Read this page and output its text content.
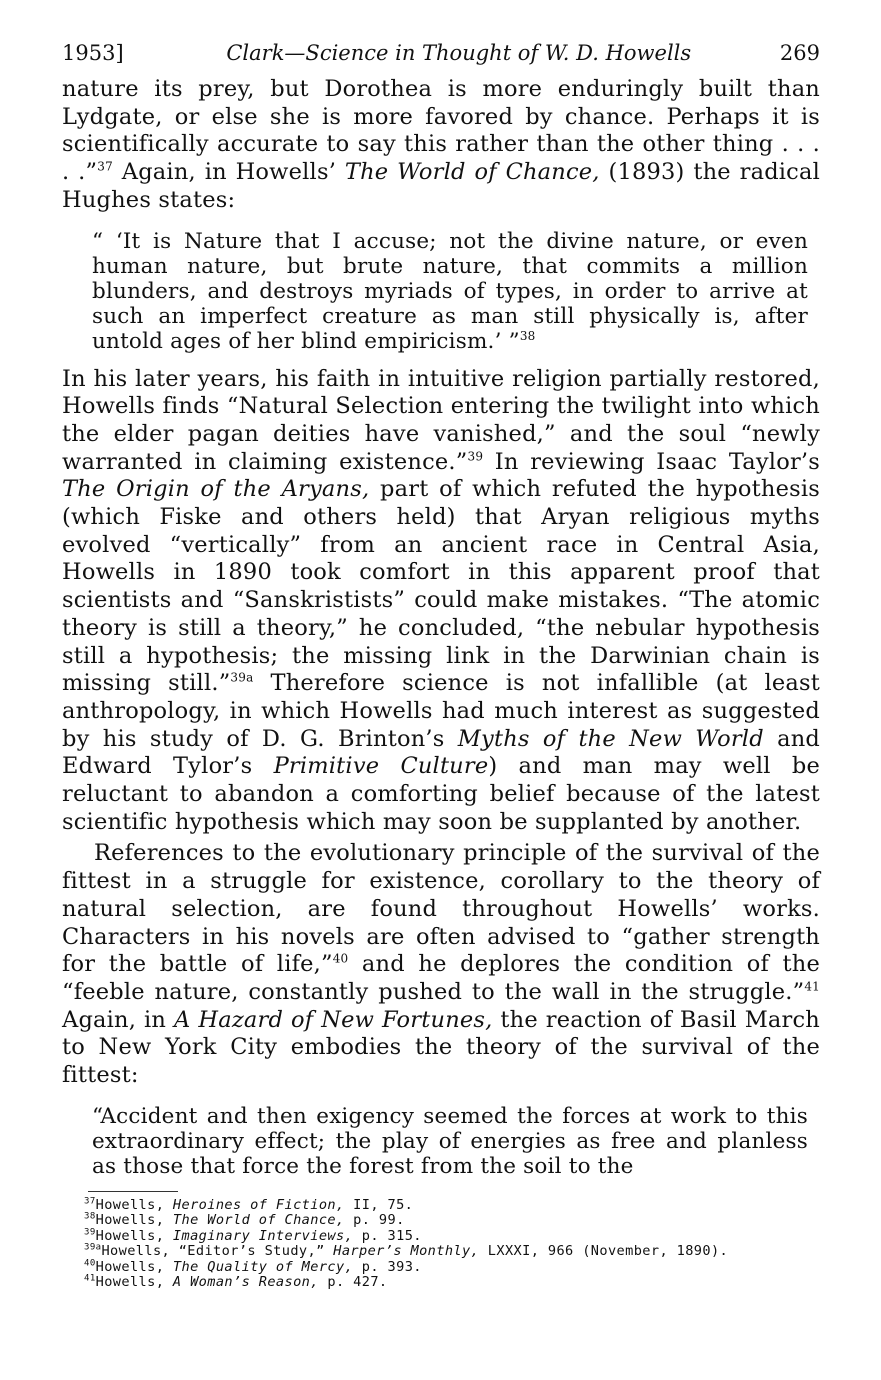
1953]	Clark—Science in Thought of W. D. Howells	269

nature its prey, but Dorothea is more enduringly built than Lydgate, or else she is more favored by chance. Perhaps it is scientifically accurate to say this rather than the other thing . . . . .”$^{37}$ Again, in Howells’ The World of Chance, (1893) the radical Hughes states:

“ ‘It is Nature that I accuse; not the divine nature, or even human nature, but brute nature, that commits a million blunders, and destroys myriads of types, in order to arrive at such an imperfect creature as man still physically is, after untold ages of her blind empiricism.’ ”$^{38}$

In his later years, his faith in intuitive religion partially restored, Howells finds “Natural Selection entering the twilight into which the elder pagan deities have vanished,” and the soul “newly warranted in claiming existence.”$^{39}$ In reviewing Isaac Taylor’s The Origin of the Aryans, part of which refuted the hypothesis (which Fiske and others held) that Aryan religious myths evolved “vertically” from an ancient race in Central Asia, Howells in 1890 took comfort in this apparent proof that scientists and “Sanskristists” could make mistakes. “The atomic theory is still a theory,” he concluded, “the nebular hypothesis still a hypothesis; the missing link in the Darwinian chain is missing still.”$^{39a}$ Therefore science is not infallible (at least anthropology, in which Howells had much interest as suggested by his study of D. G. Brinton’s Myths of the New World and Edward Tylor’s Primitive Culture) and man may well be reluctant to abandon a comforting belief because of the latest scientific hypothesis which may soon be supplanted by another.

References to the evolutionary principle of the survival of the fittest in a struggle for existence, corollary to the theory of natural selection, are found throughout Howells’ works. Characters in his novels are often advised to “gather strength for the battle of life,”$^{40}$ and he deplores the condition of the “feeble nature, constantly pushed to the wall in the struggle.”$^{41}$ Again, in A Hazard of New Fortunes, the reaction of Basil March to New York City embodies the theory of the survival of the fittest:

“Accident and then exigency seemed the forces at work to this extraordinary effect; the play of energies as free and planless as those that force the forest from the soil to the

$^{37}$Howells, Heroines of Fiction, II, 75.
$^{38}$Howells, The World of Chance, p. 99.
$^{39}$Howells, Imaginary Interviews, p. 315.
$^{39a}$Howells, “Editor’s Study,” Harper’s Monthly, LXXXI, 966 (November, 1890).
$^{40}$Howells, The Quality of Mercy, p. 393.
$^{41}$Howells, A Woman’s Reason, p. 427.
